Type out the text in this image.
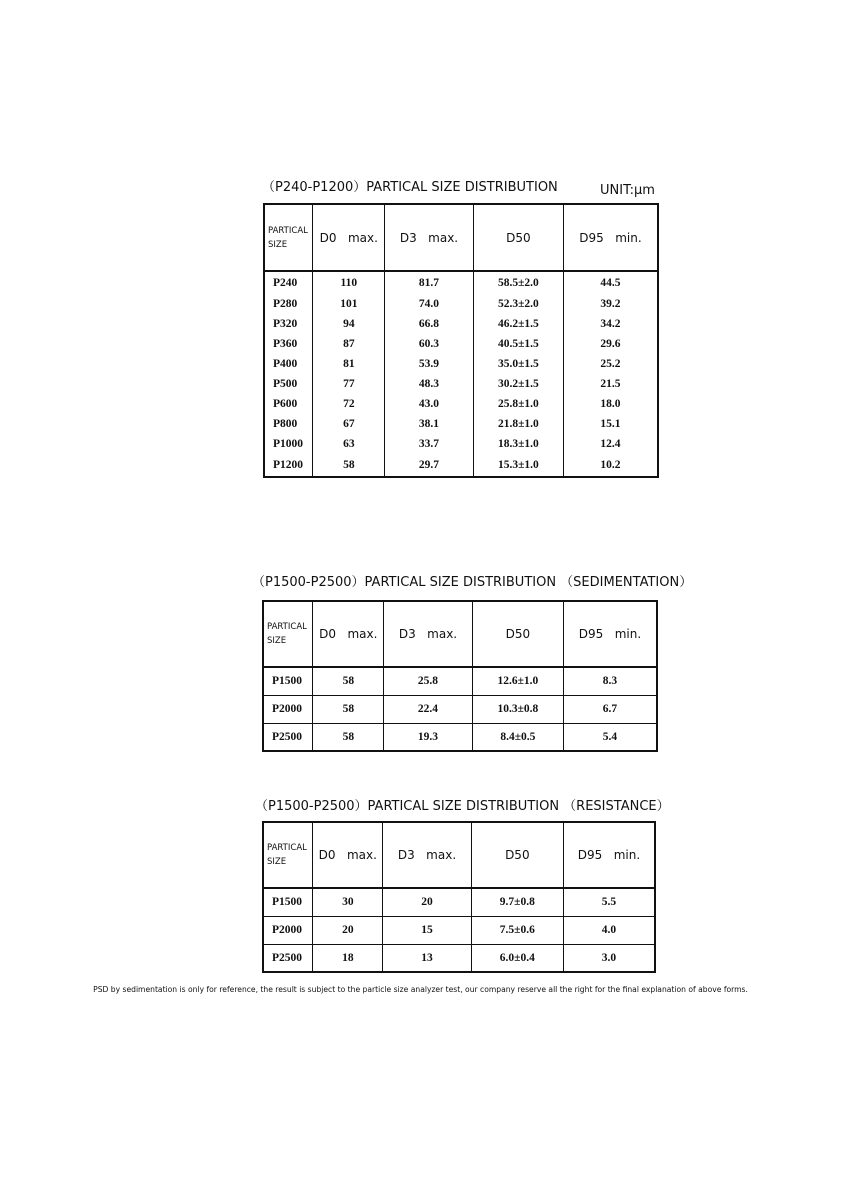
（P240-P1200）PARTICAL SIZE DISTRIBUTION	UNIT:μm
PARTICAL
SIZE	D0   max.	D3   max.	D50	D95   min.
P240	110	81.7	58.5±2.0	44.5
P280	101	74.0	52.3±2.0	39.2
P320	94	66.8	46.2±1.5	34.2
P360	87	60.3	40.5±1.5	29.6
P400	81	53.9	35.0±1.5	25.2
P500	77	48.3	30.2±1.5	21.5
P600	72	43.0	25.8±1.0	18.0
P800	67	38.1	21.8±1.0	15.1
P1000	63	33.7	18.3±1.0	12.4
P1200	58	29.7	15.3±1.0	10.2
（P1500-P2500）PARTICAL SIZE DISTRIBUTION （SEDIMENTATION）
PARTICAL
SIZE	D0   max.	D3   max.	D50	D95   min.
P1500	58	25.8	12.6±1.0	8.3
P2000	58	22.4	10.3±0.8	6.7
P2500	58	19.3	8.4±0.5	5.4
（P1500-P2500）PARTICAL SIZE DISTRIBUTION （RESISTANCE）
PARTICAL
SIZE	D0   max.	D3   max.	D50	D95   min.
P1500	30	20	9.7±0.8	5.5
P2000	20	15	7.5±0.6	4.0
P2500	18	13	6.0±0.4	3.0
PSD by sedimentation is only for reference, the result is subject to the particle size analyzer test, our company reserve all the right for the final explanation of above forms.
